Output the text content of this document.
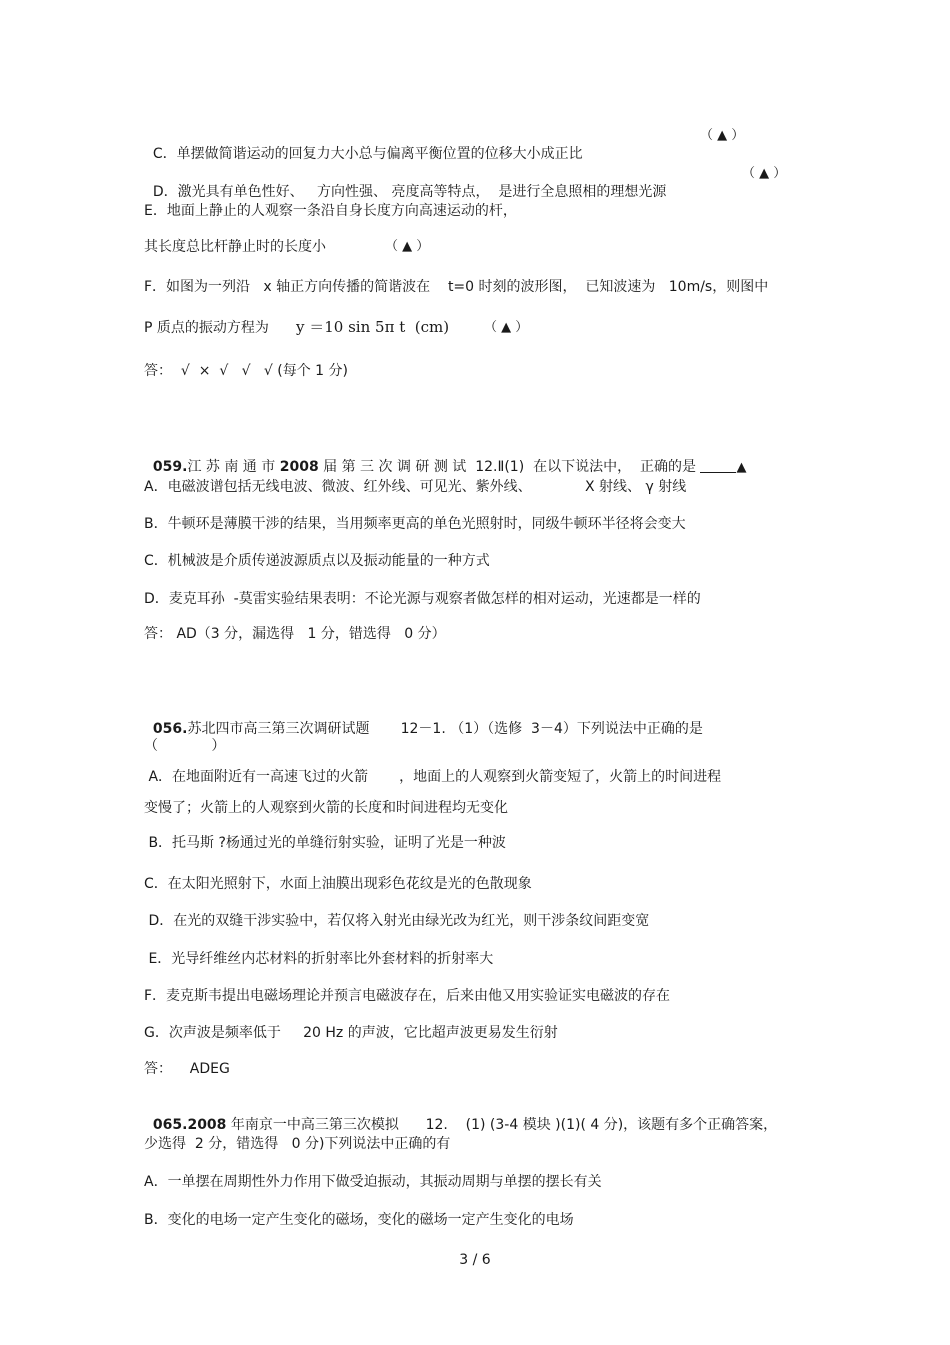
C．单摆做简谐运动的回复力大小总与偏离平衡位置的位移大小成正比

（ ▲ ）

D．激光具有单色性好、   方向性强、 亮度高等特点，  是进行全息照相的理想光源

（ ▲ ）
E．地面上静止的人观察一条沿自身长度方向高速运动的杆，
其长度总比杆静止时的长度小	（ ▲ ）
F．如图为一列沿   x 轴正方向传播的简谐波在    t=0 时刻的波形图，  已知波速为   10m/s，则图中
P 质点的振动方程为 y ＝10 sin 5π t  (cm)	（ ▲ ）
答：  √  ×  √   √   √ (每个 1 分)

059.江 苏 南 通 市 2008 届 第 三 次 调 研 测 试  12.Ⅱ(1)  在以下说法中，  正确的是	▲

A．电磁波谱包括无线电波、微波、红外线、可见光、紫外线、            X 射线、 γ 射线
B．牛顿环是薄膜干涉的结果，当用频率更高的单色光照射时，同级牛顿环半径将会变大
C．机械波是介质传递波源质点以及振动能量的一种方式
D．麦克耳孙  -莫雷实验结果表明：不论光源与观察者做怎样的相对运动，光速都是一样的
答： AD（3 分，漏选得   1 分，错选得   0 分）

056.苏北四市高三第三次调研试题       12－1. （1）（选修  3－4）下列说法中正确的是

（            ）
A．在地面附近有一高速飞过的火箭       ，地面上的人观察到火箭变短了，火箭上的时间进程
变慢了；火箭上的人观察到火箭的长度和时间进程均无变化
B．托马斯 ?杨通过光的单缝衍射实验，证明了光是一种波
C．在太阳光照射下，水面上油膜出现彩色花纹是光的色散现象
D．在光的双缝干涉实验中，若仅将入射光由绿光改为红光，则干涉条纹间距变宽
E．光导纤维丝内芯材料的折射率比外套材料的折射率大
F．麦克斯韦提出电磁场理论并预言电磁波存在，后来由他又用实验证实电磁波的存在
G．次声波是频率低于     20 Hz 的声波，它比超声波更易发生衍射
答：    ADEG

065.2008 年南京一中高三第三次模拟      12.    (1) (3-4 模块 )(1)( 4 分)，该题有多个正确答案，

少选得  2 分，错选得   0 分)下列说法中正确的有
A．一单摆在周期性外力作用下做受迫振动，其振动周期与单摆的摆长有关
B．变化的电场一定产生变化的磁场，变化的磁场一定产生变化的电场
3 / 6
